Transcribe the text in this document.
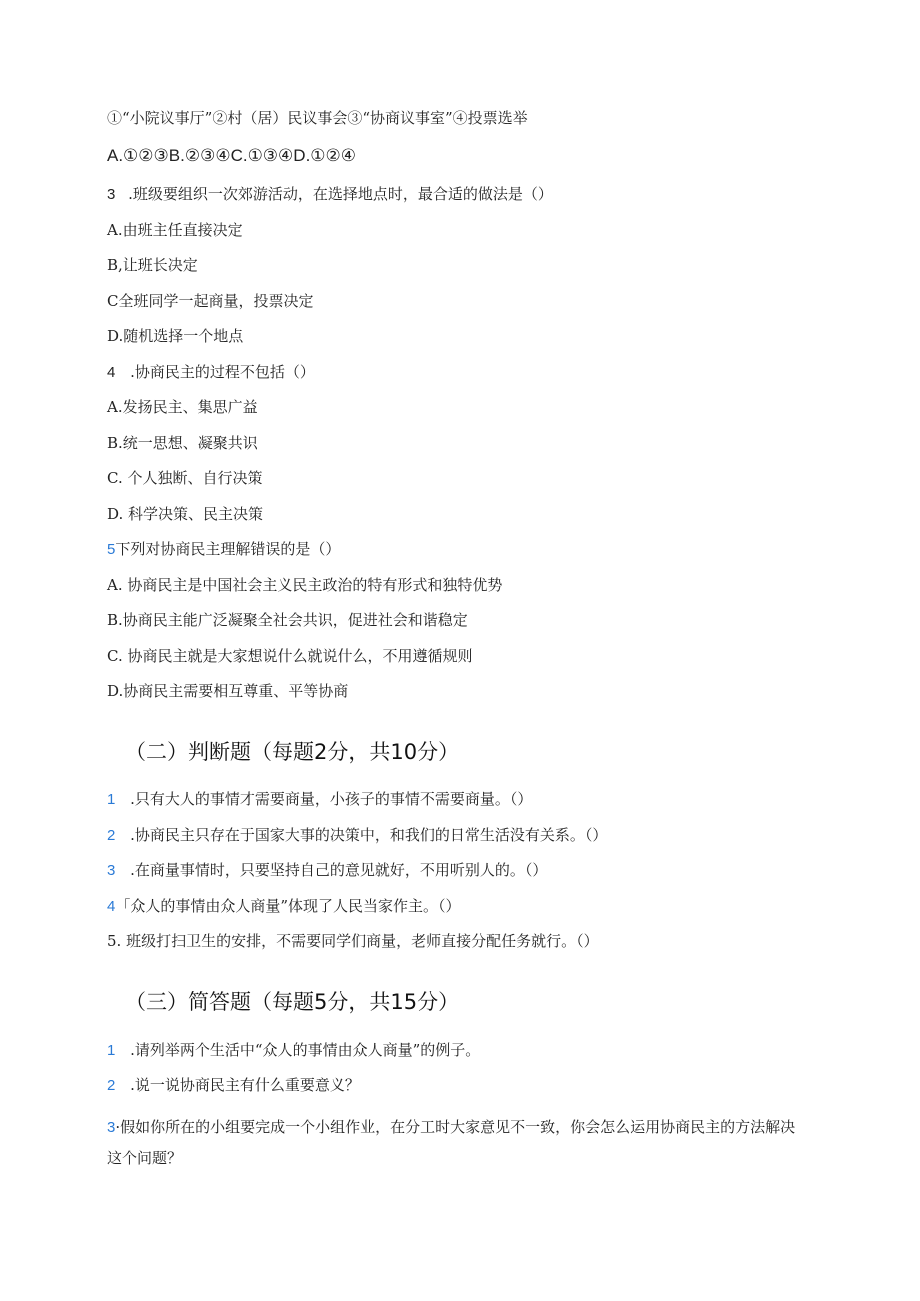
①“小院议事厅”②村（居）民议事会③“协商议事室”④投票选举
A.①②③B.②③④C.①③④D.①②④
3 .班级要组织一次郊游活动，在选择地点时，最合适的做法是（）
A.由班主任直接决定
B,让班长决定
C全班同学一起商量，投票决定
D.随机选择一个地点
4 .协商民主的过程不包括（）
A.发扬民主、集思广益
B.统一思想、凝聚共识
C. 个人独断、自行决策
D. 科学决策、民主决策
5下列对协商民主理解错误的是（）
A. 协商民主是中国社会主义民主政治的特有形式和独特优势
B.协商民主能广泛凝聚全社会共识，促进社会和谐稳定
C. 协商民主就是大家想说什么就说什么，不用遵循规则
D.协商民主需要相互尊重、平等协商
（二）判断题（每题2分，共10分）
1 .只有大人的事情才需要商量，小孩子的事情不需要商量。（）
2 .协商民主只存在于国家大事的决策中，和我们的日常生活没有关系。（）
3 .在商量事情时，只要坚持自己的意见就好，不用听别人的。（）
4「众人的事情由众人商量”体现了人民当家作主。（）
5. 班级打扫卫生的安排，不需要同学们商量，老师直接分配任务就行。（）
（三）简答题（每题5分，共15分）
1 .请列举两个生活中“众人的事情由众人商量”的例子。
2 .说一说协商民主有什么重要意义？
3·假如你所在的小组要完成一个小组作业，在分工时大家意见不一致，你会怎么运用协商民主的方法解决这个问题？
